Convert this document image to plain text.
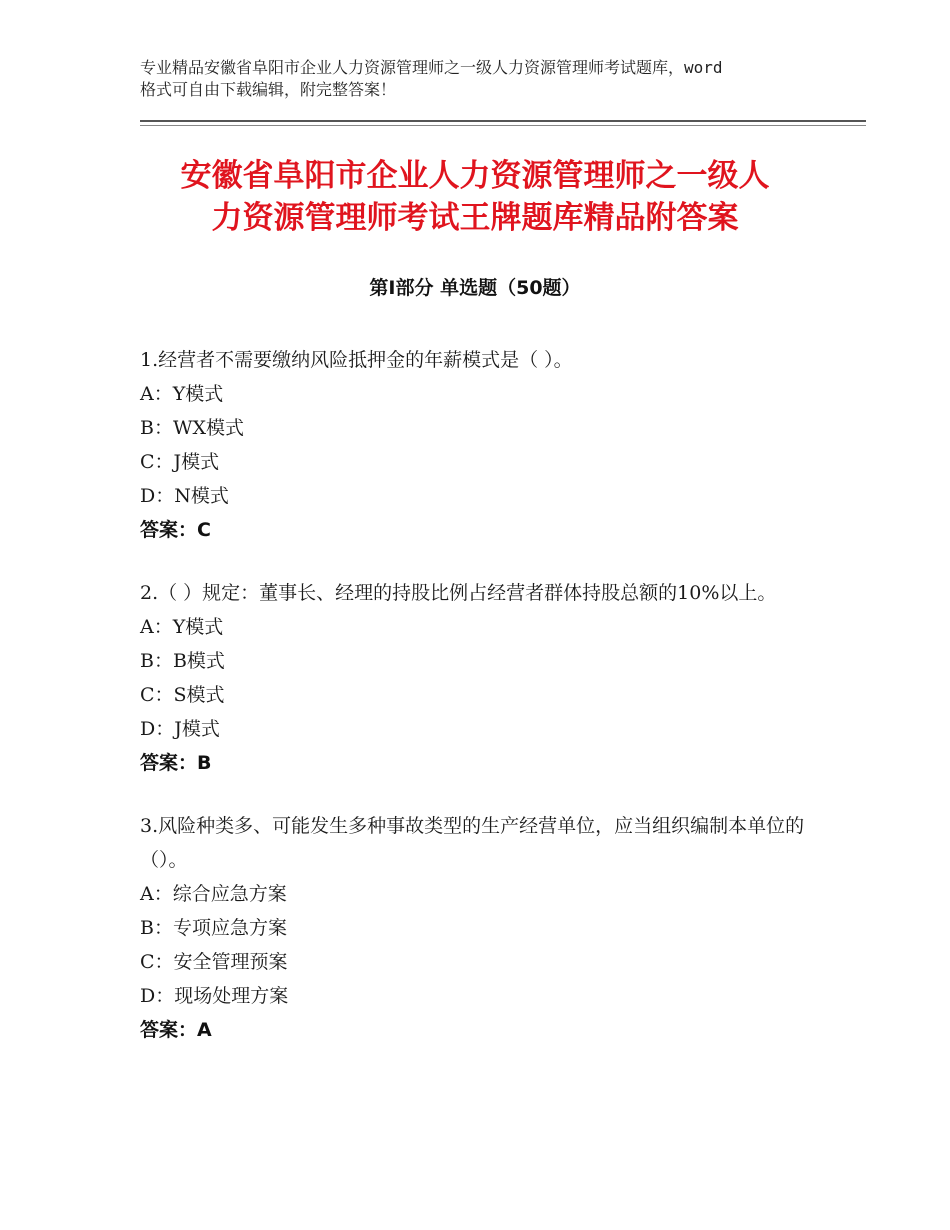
专业精品安徽省阜阳市企业人力资源管理师之一级人力资源管理师考试题库，word
格式可自由下载编辑，附完整答案！
安徽省阜阳市企业人力资源管理师之一级人
力资源管理师考试王牌题库精品附答案
第Ⅰ部分 单选题（50题）
1.经营者不需要缴纳风险抵押金的年薪模式是（ ）。
A：Y模式
B：WX模式
C：J模式
D：N模式
答案：C
2.（ ）规定：董事长、经理的持股比例占经营者群体持股总额的10%以上。
A：Y模式
B：B模式
C：S模式
D：J模式
答案：B
3.风险种类多、可能发生多种事故类型的生产经营单位，应当组织编制本单位的（）。
A：综合应急方案
B：专项应急方案
C：安全管理预案
D：现场处理方案
答案：A
